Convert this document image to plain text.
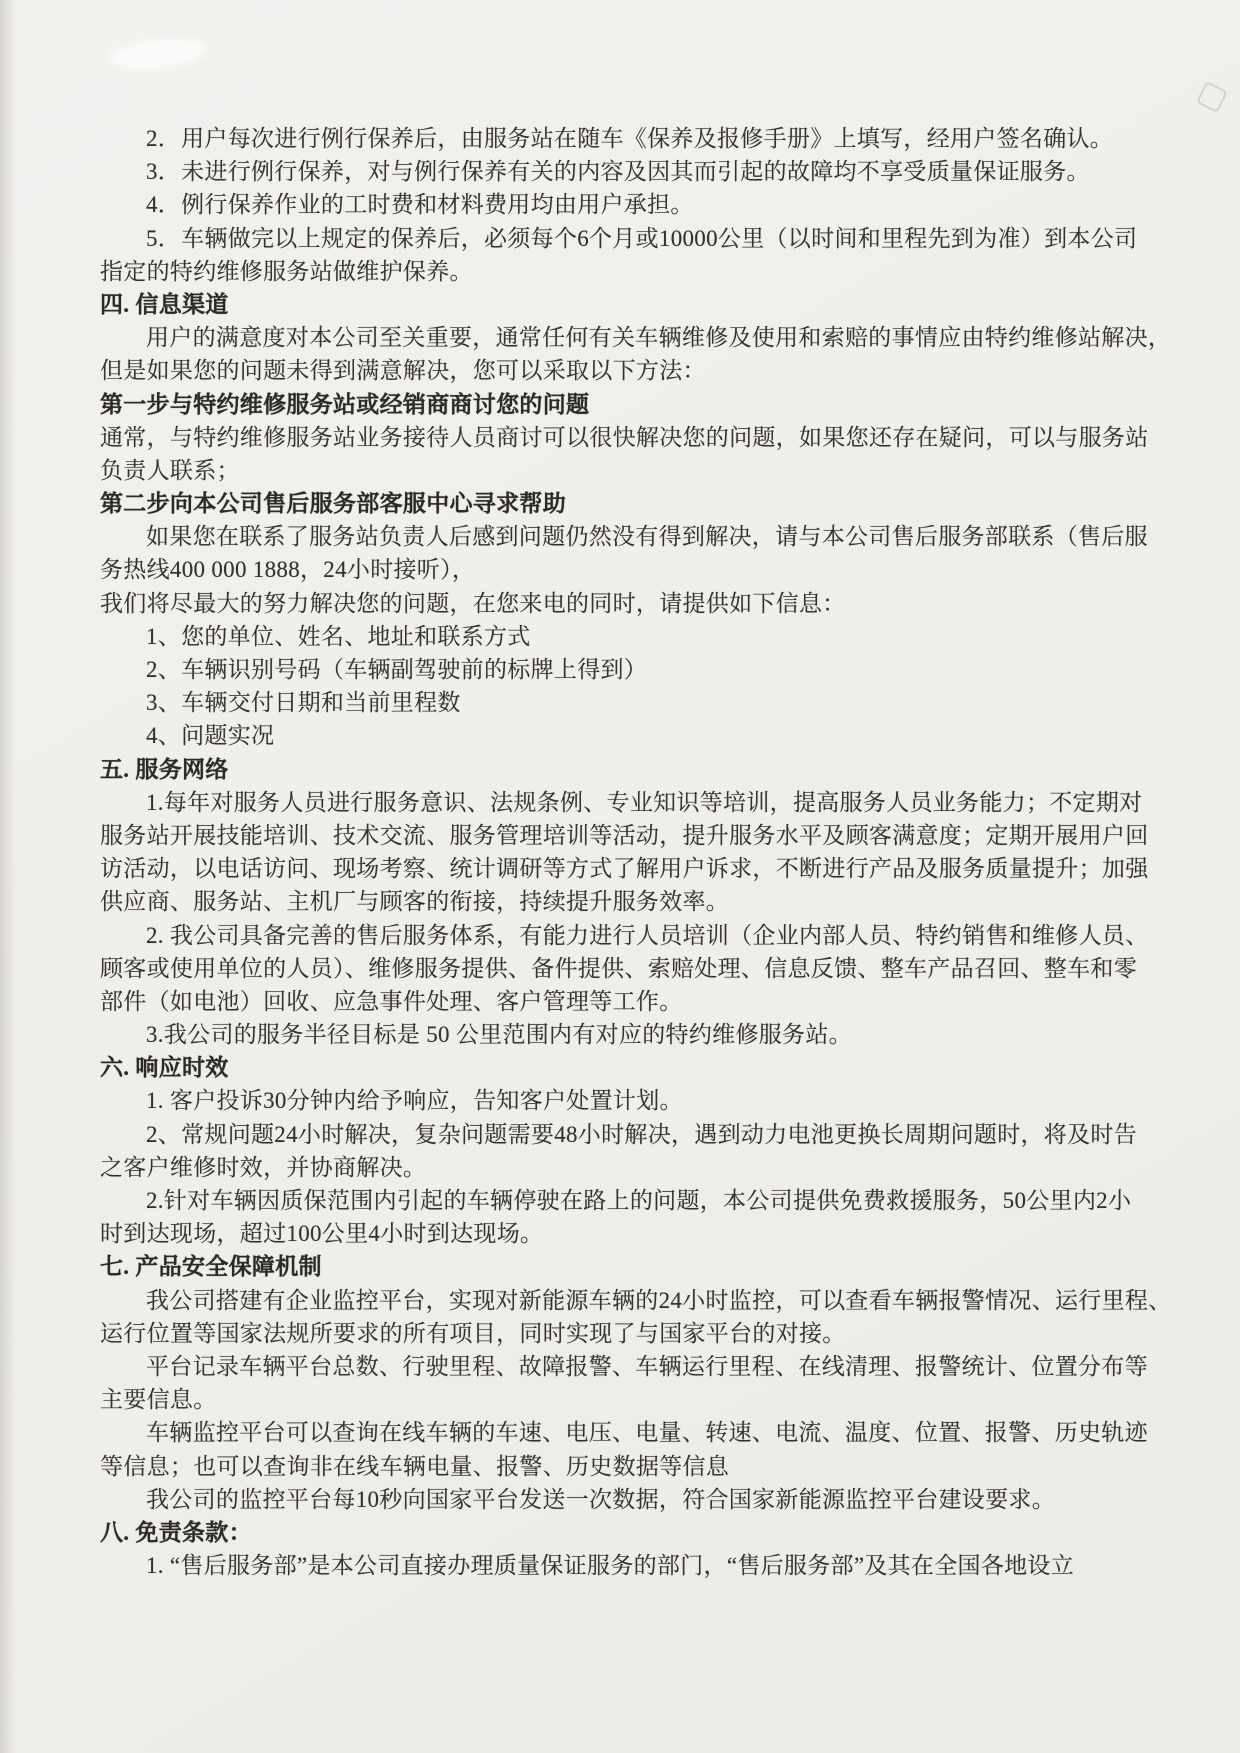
2．用户每次进行例行保养后，由服务站在随车《保养及报修手册》上填写，经用户签名确认。
3．未进行例行保养，对与例行保养有关的内容及因其而引起的故障均不享受质量保证服务。
4．例行保养作业的工时费和材料费用均由用户承担。
5．车辆做完以上规定的保养后，必须每个6个月或10000公里（以时间和里程先到为准）到本公司
指定的特约维修服务站做维护保养。
四. 信息渠道
用户的满意度对本公司至关重要，通常任何有关车辆维修及使用和索赔的事情应由特约维修站解决，
但是如果您的问题未得到满意解决，您可以采取以下方法：
第一步与特约维修服务站或经销商商讨您的问题
通常，与特约维修服务站业务接待人员商讨可以很快解决您的问题，如果您还存在疑问，可以与服务站
负责人联系；
第二步向本公司售后服务部客服中心寻求帮助
如果您在联系了服务站负责人后感到问题仍然没有得到解决，请与本公司售后服务部联系（售后服
务热线400 000 1888，24小时接听），
我们将尽最大的努力解决您的问题，在您来电的同时，请提供如下信息：
1、您的单位、姓名、地址和联系方式
2、车辆识别号码（车辆副驾驶前的标牌上得到）
3、车辆交付日期和当前里程数
4、问题实况
五. 服务网络
1.每年对服务人员进行服务意识、法规条例、专业知识等培训，提高服务人员业务能力；不定期对
服务站开展技能培训、技术交流、服务管理培训等活动，提升服务水平及顾客满意度；定期开展用户回
访活动，以电话访问、现场考察、统计调研等方式了解用户诉求，不断进行产品及服务质量提升；加强
供应商、服务站、主机厂与顾客的衔接，持续提升服务效率。
2. 我公司具备完善的售后服务体系，有能力进行人员培训（企业内部人员、特约销售和维修人员、
顾客或使用单位的人员）、维修服务提供、备件提供、索赔处理、信息反馈、整车产品召回、整车和零
部件（如电池）回收、应急事件处理、客户管理等工作。
3.我公司的服务半径目标是 50 公里范围内有对应的特约维修服务站。
六. 响应时效
1. 客户投诉30分钟内给予响应，告知客户处置计划。
2、常规问题24小时解决，复杂问题需要48小时解决，遇到动力电池更换长周期问题时，将及时告
之客户维修时效，并协商解决。
2.针对车辆因质保范围内引起的车辆停驶在路上的问题，本公司提供免费救援服务，50公里内2小
时到达现场，超过100公里4小时到达现场。
七. 产品安全保障机制
我公司搭建有企业监控平台，实现对新能源车辆的24小时监控，可以查看车辆报警情况、运行里程、
运行位置等国家法规所要求的所有项目，同时实现了与国家平台的对接。
平台记录车辆平台总数、行驶里程、故障报警、车辆运行里程、在线清理、报警统计、位置分布等
主要信息。
车辆监控平台可以查询在线车辆的车速、电压、电量、转速、电流、温度、位置、报警、历史轨迹
等信息；也可以查询非在线车辆电量、报警、历史数据等信息
我公司的监控平台每10秒向国家平台发送一次数据，符合国家新能源监控平台建设要求。
八. 免责条款：
1. “售后服务部”是本公司直接办理质量保证服务的部门，“售后服务部”及其在全国各地设立
